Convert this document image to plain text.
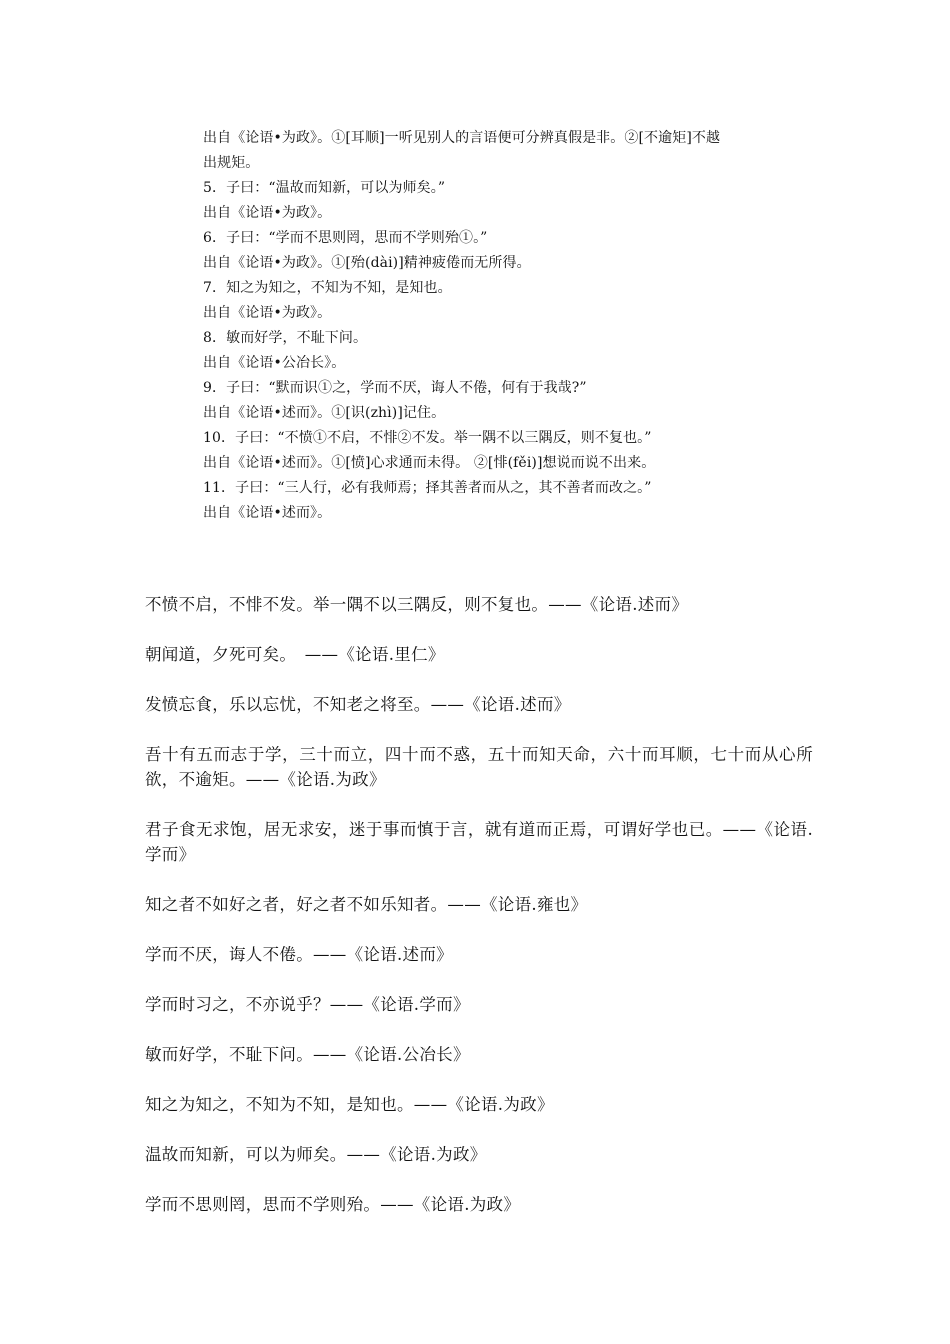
出自《论语•为政》。①[耳顺]一听见别人的言语便可分辨真假是非。②[不逾矩]不越
出规矩。
5．子曰：“温故而知新，可以为师矣。”
出自《论语•为政》。
6．子曰：“学而不思则罔，思而不学则殆①。”
出自《论语•为政》。①[殆(dài)]精神疲倦而无所得。
7．知之为知之，不知为不知，是知也。
出自《论语•为政》。
8．敏而好学，不耻下问。
出自《论语•公冶长》。
9．子曰：“默而识①之，学而不厌，诲人不倦，何有于我哉?”
出自《论语•述而》。①[识(zhì)]记住。
10．子曰：“不愤①不启，不悱②不发。举一隅不以三隅反，则不复也。”
出自《论语•述而》。①[愤]心求通而未得。 ②[悱(fěi)]想说而说不出来。
11．子曰：“三人行，必有我师焉；择其善者而从之，其不善者而改之。”
出自《论语•述而》。

不愤不启，不悱不发。举一隅不以三隅反，则不复也。——《论语.述而》

朝闻道，夕死可矣。　——《论语.里仁》

发愤忘食，乐以忘忧，不知老之将至。——《论语.述而》

吾十有五而志于学，三十而立，四十而不惑，五十而知天命，六十而耳顺，七十而从心所欲，不逾矩。——《论语.为政》

君子食无求饱，居无求安，迷于事而慎于言，就有道而正焉，可谓好学也已。——《论语.学而》

知之者不如好之者，好之者不如乐知者。——《论语.雍也》

学而不厌，诲人不倦。——《论语.述而》

学而时习之，不亦说乎？——《论语.学而》

敏而好学，不耻下问。——《论语.公冶长》

知之为知之，不知为不知，是知也。——《论语.为政》

温故而知新，可以为师矣。——《论语.为政》

学而不思则罔，思而不学则殆。——《论语.为政》
